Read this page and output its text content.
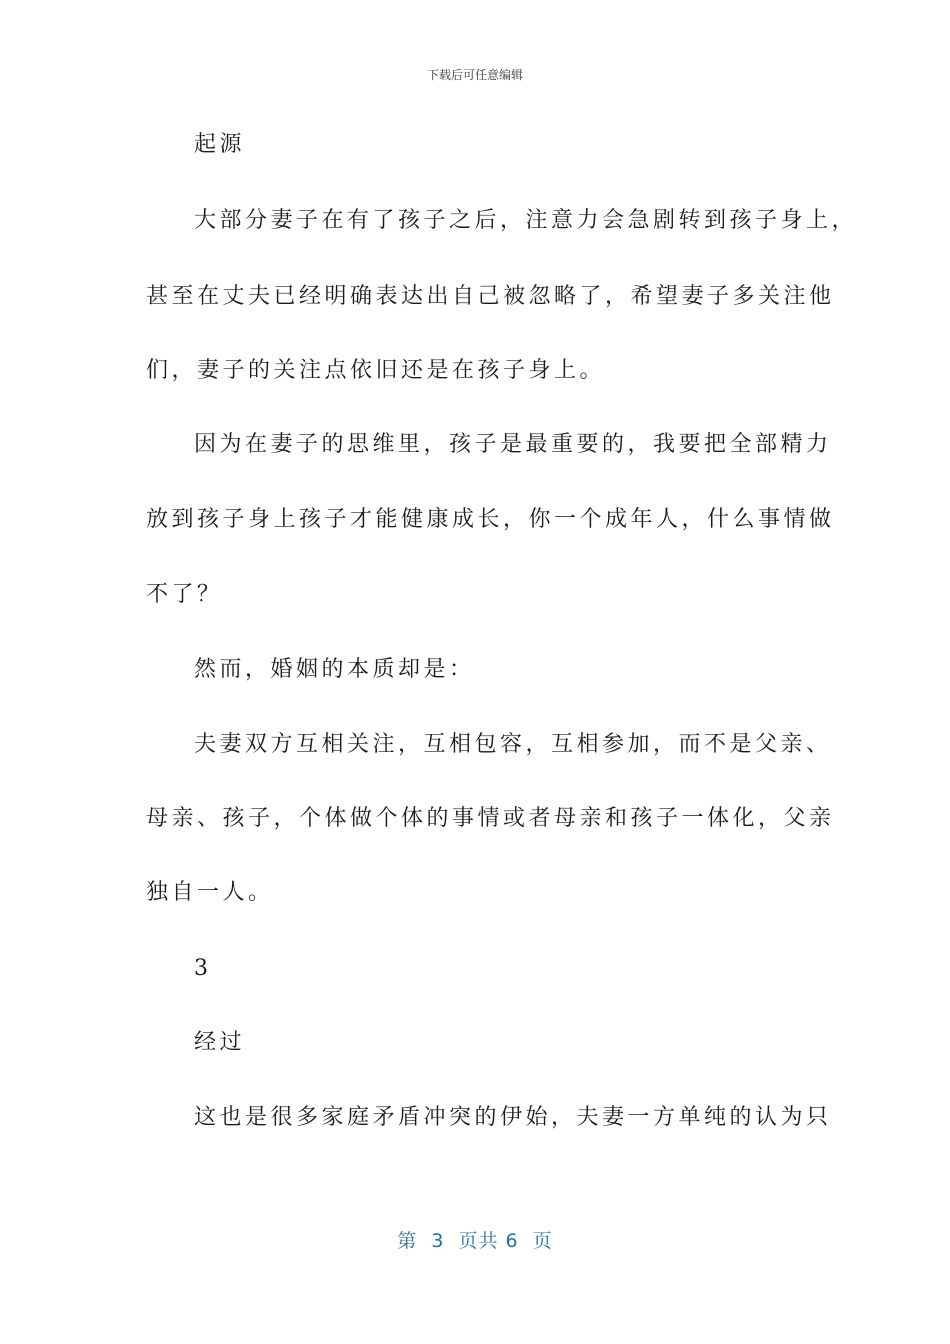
下载后可任意编辑
起源
大部分妻子在有了孩子之后，注意力会急剧转到孩子身上，
甚至在丈夫已经明确表达出自己被忽略了，希望妻子多关注他
们，妻子的关注点依旧还是在孩子身上。
因为在妻子的思维里，孩子是最重要的，我要把全部精力
放到孩子身上孩子才能健康成长，你一个成年人，什么事情做
不了？
然而，婚姻的本质却是：
夫妻双方互相关注，互相包容，互相参加，而不是父亲、
母亲、孩子，个体做个体的事情或者母亲和孩子一体化，父亲
独自一人。
3
经过
这也是很多家庭矛盾冲突的伊始，夫妻一方单纯的认为只
第  3  页共 6  页
